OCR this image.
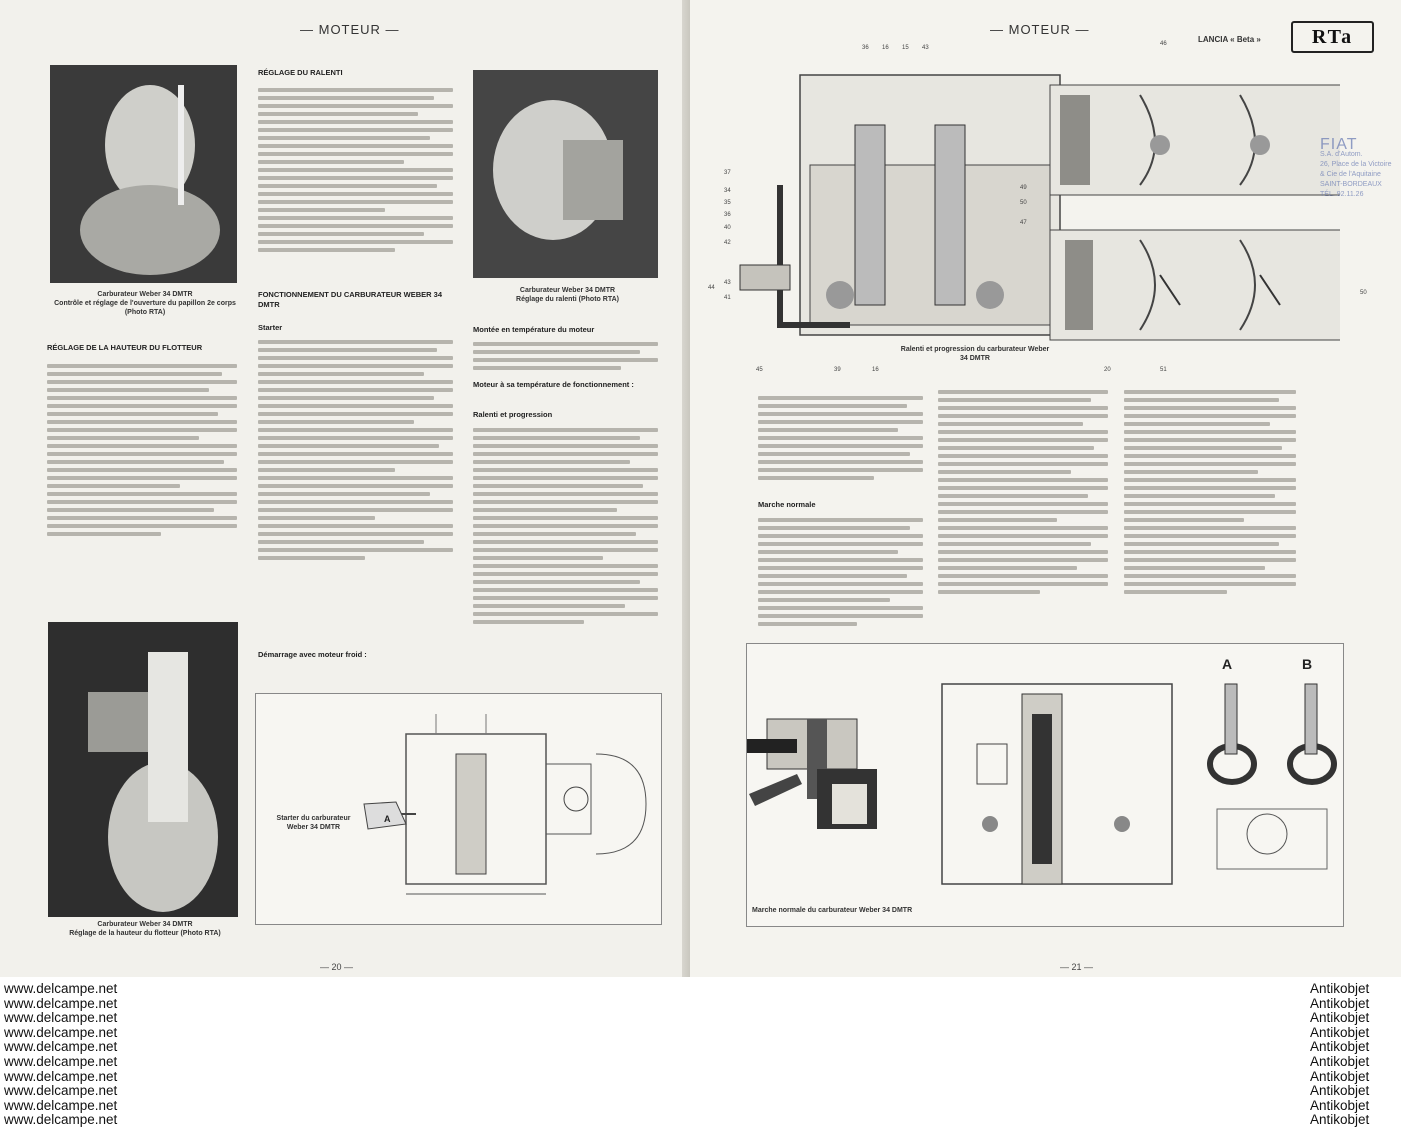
— MOTEUR —
Carburateur Weber 34 DMTR
Contrôle et réglage de l'ouverture du papillon 2e corps (Photo RTA)
RÉGLAGE DE LA HAUTEUR DU FLOTTEUR
Carburateur Weber 34 DMTR
Réglage de la hauteur du flotteur (Photo RTA)
RÉGLAGE DU RALENTI
FONCTIONNEMENT DU CARBURATEUR WEBER 34 DMTR
Starter
Démarrage avec moteur froid :
Carburateur Weber 34 DMTR
Réglage du ralenti (Photo RTA)
Montée en température du moteur
Moteur à sa température de fonctionnement :
Ralenti et progression
Starter du carburateur Weber 34 DMTR
A
— 20 —
— MOTEUR —
LANCIA « Beta »
36 16 15 43
46
37
34
35
36
40
42
44
43
41
49
50
47
45	39	16	20	51
50
Ralenti et progression du carburateur Weber 34 DMTR
RTa
FIAT
S.A. d'Autom.
26, Place de la Victoire
& Cie de l'Aquitaine
SAINT-BORDEAUX
TÉL. 92.11.26
Marche normale
A	B
Marche normale du carburateur Weber 34 DMTR
— 21 —
www.delcampe.net
www.delcampe.net
www.delcampe.net
www.delcampe.net
www.delcampe.net
www.delcampe.net
www.delcampe.net
www.delcampe.net
www.delcampe.net
www.delcampe.net
Antikobjet
Antikobjet
Antikobjet
Antikobjet
Antikobjet
Antikobjet
Antikobjet
Antikobjet
Antikobjet
Antikobjet
